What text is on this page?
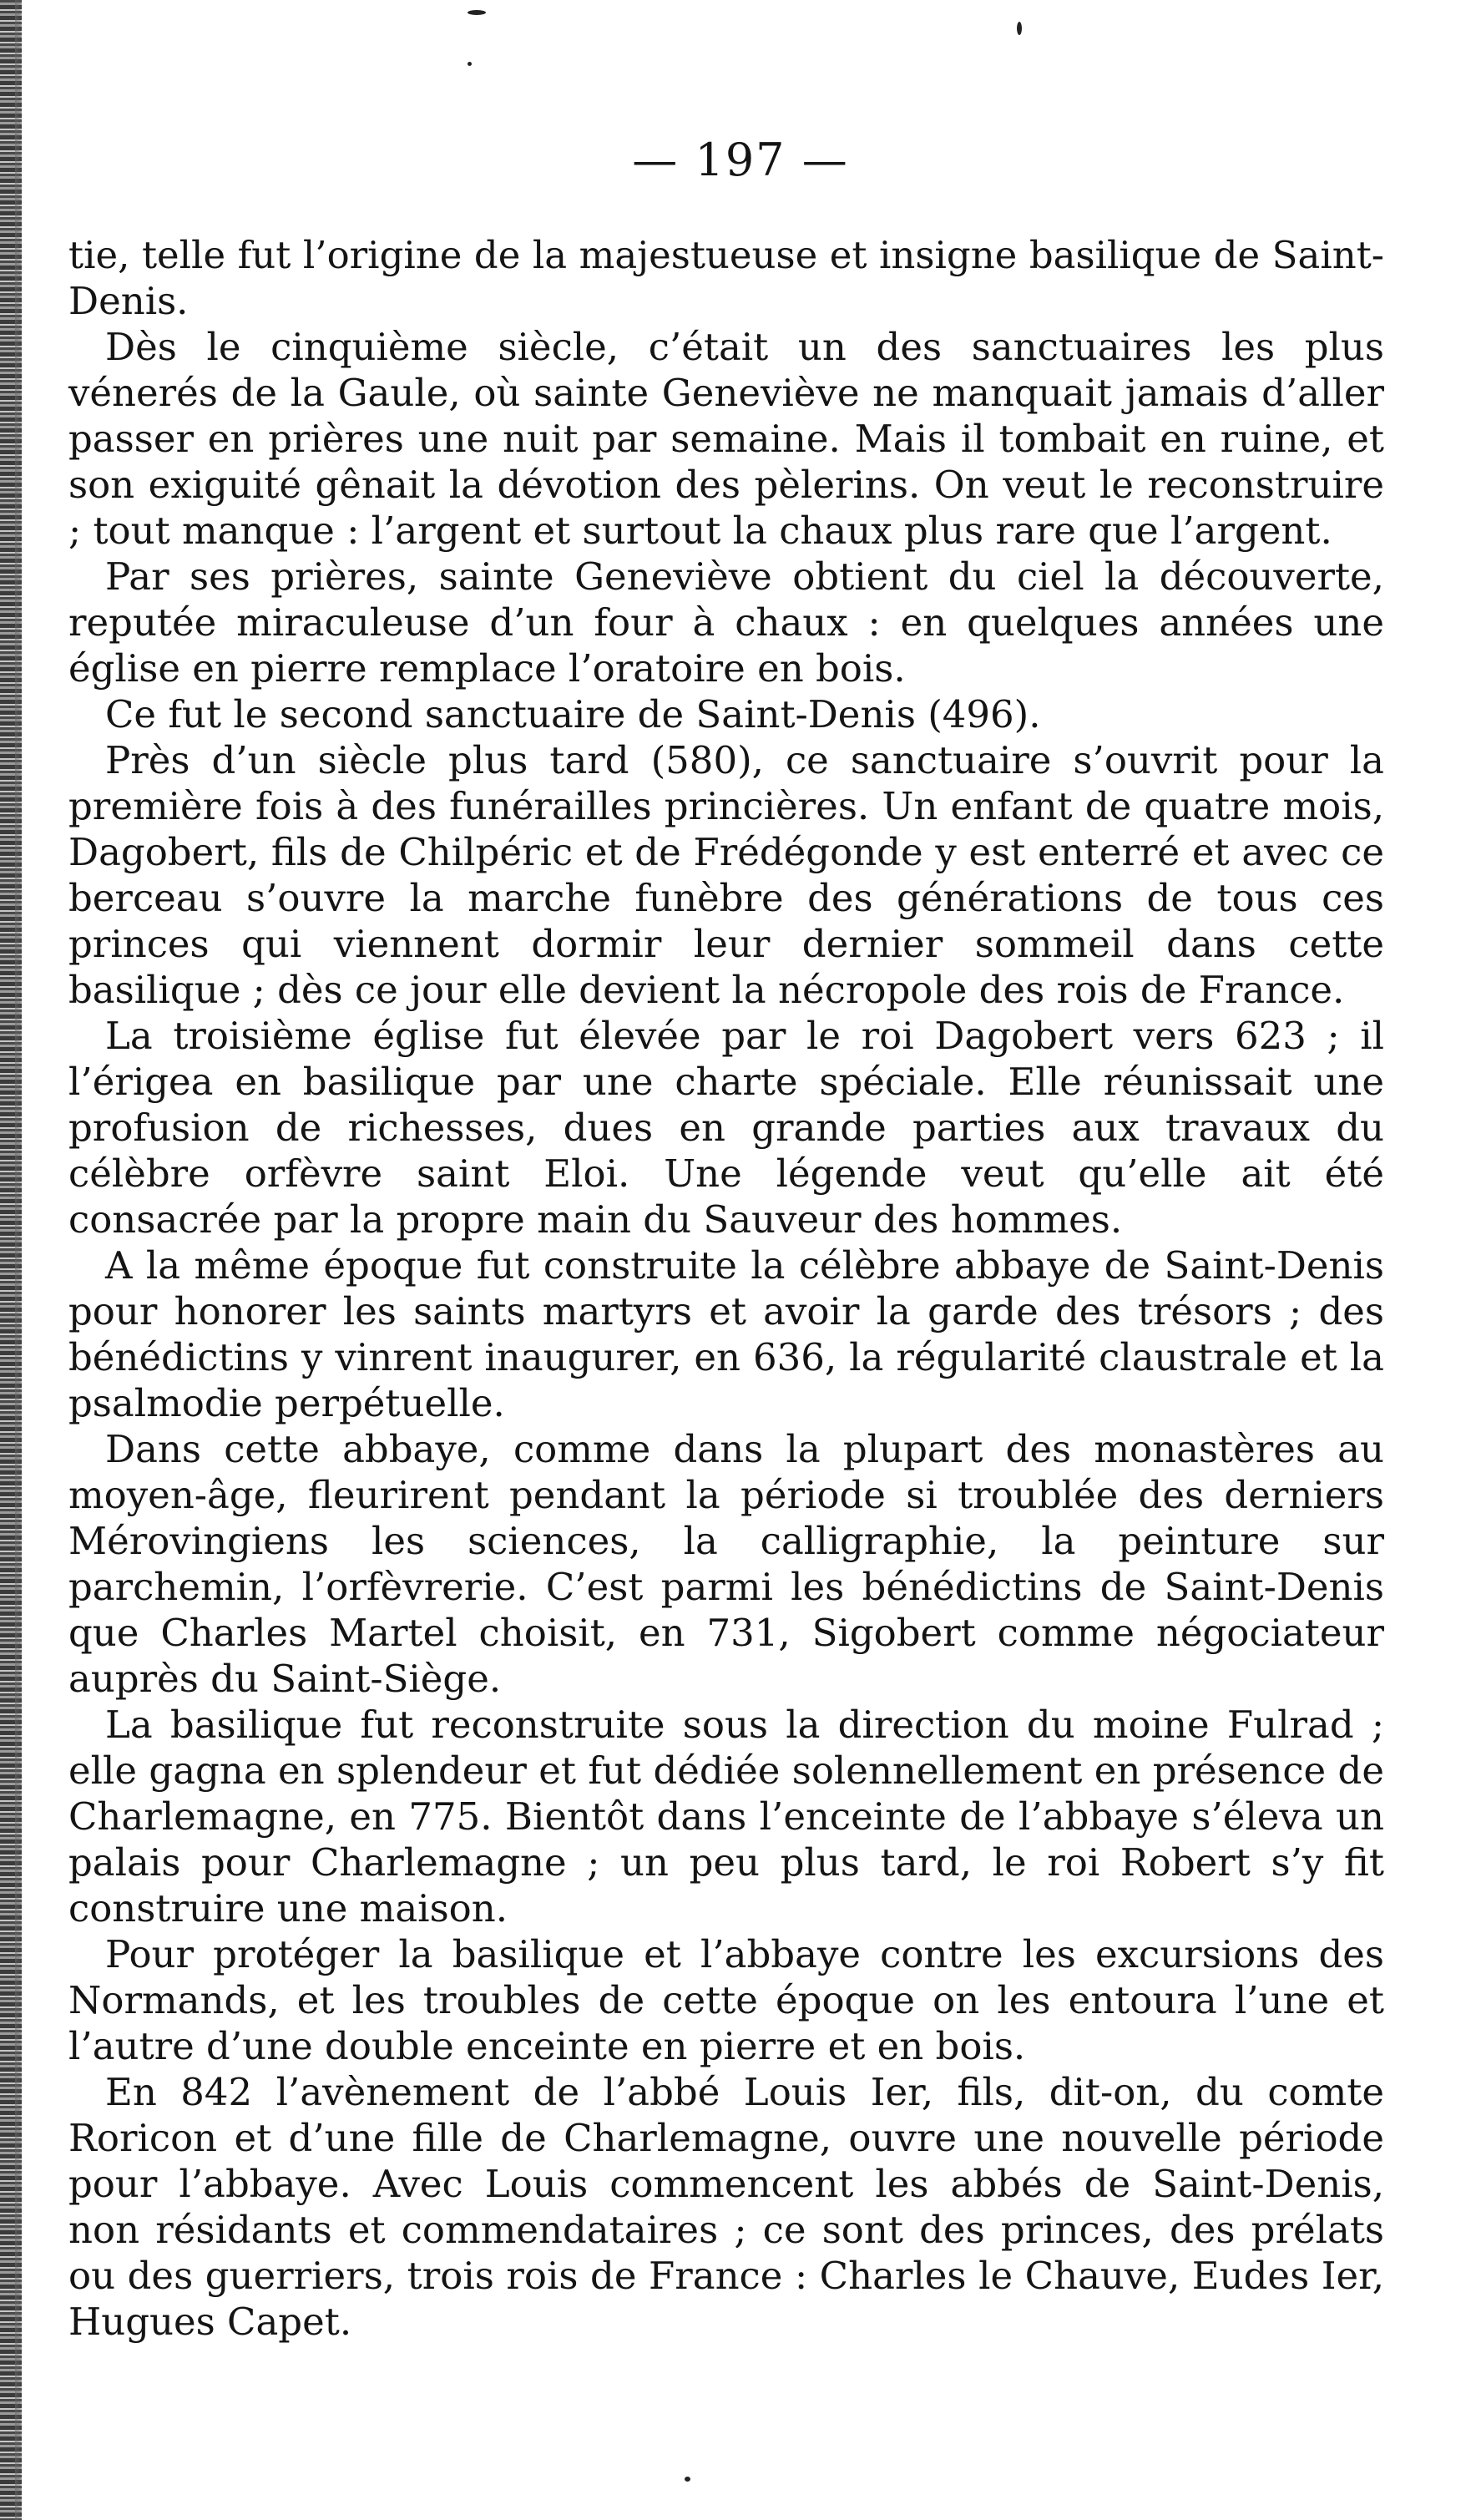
— 197 —

tie, telle fut l’origine de la majestueuse et insigne basilique de Saint-Denis.

Dès le cinquième siècle, c’était un des sanctuaires les plus vénerés de la Gaule, où sainte Geneviève ne manquait jamais d’aller passer en prières une nuit par semaine. Mais il tombait en ruine, et son exiguité gênait la dévotion des pèlerins. On veut le reconstruire ; tout manque : l’argent et surtout la chaux plus rare que l’argent.

Par ses prières, sainte Geneviève obtient du ciel la découverte, reputée miraculeuse d’un four à chaux : en quelques années une église en pierre remplace l’oratoire en bois.

Ce fut le second sanctuaire de Saint-Denis (496).

Près d’un siècle plus tard (580), ce sanctuaire s’ouvrit pour la première fois à des funérailles princières. Un enfant de quatre mois, Dagobert, fils de Chilpéric et de Frédégonde y est enterré et avec ce berceau s’ouvre la marche funèbre des générations de tous ces princes qui viennent dormir leur dernier sommeil dans cette basilique ; dès ce jour elle devient la nécropole des rois de France.

La troisième église fut élevée par le roi Dagobert vers 623 ; il l’érigea en basilique par une charte spéciale. Elle réunissait une profusion de richesses, dues en grande parties aux travaux du célèbre orfèvre saint Eloi. Une légende veut qu’elle ait été consacrée par la propre main du Sauveur des hommes.

A la même époque fut construite la célèbre abbaye de Saint-Denis pour honorer les saints martyrs et avoir la garde des trésors ; des bénédictins y vinrent inaugurer, en 636, la régularité claustrale et la psalmodie perpétuelle.

Dans cette abbaye, comme dans la plupart des monastères au moyen-âge, fleurirent pendant la période si troublée des derniers Mérovingiens les sciences, la calligraphie, la peinture sur parchemin, l’orfèvrerie. C’est parmi les bénédictins de Saint-Denis que Charles Martel choisit, en 731, Sigobert comme négociateur auprès du Saint-Siège.

La basilique fut reconstruite sous la direction du moine Fulrad ; elle gagna en splendeur et fut dédiée solennellement en présence de Charlemagne, en 775. Bientôt dans l’enceinte de l’abbaye s’éleva un palais pour Charlemagne ; un peu plus tard, le roi Robert s’y fit construire une maison.

Pour protéger la basilique et l’abbaye contre les excursions des Normands, et les troubles de cette époque on les entoura l’une et l’autre d’une double enceinte en pierre et en bois.

En 842 l’avènement de l’abbé Louis Ier, fils, dit-on, du comte Roricon et d’une fille de Charlemagne, ouvre une nouvelle période pour l’abbaye. Avec Louis commencent les abbés de Saint-Denis, non résidants et commendataires ; ce sont des princes, des prélats ou des guerriers, trois rois de France : Charles le Chauve, Eudes Ier, Hugues Capet.
